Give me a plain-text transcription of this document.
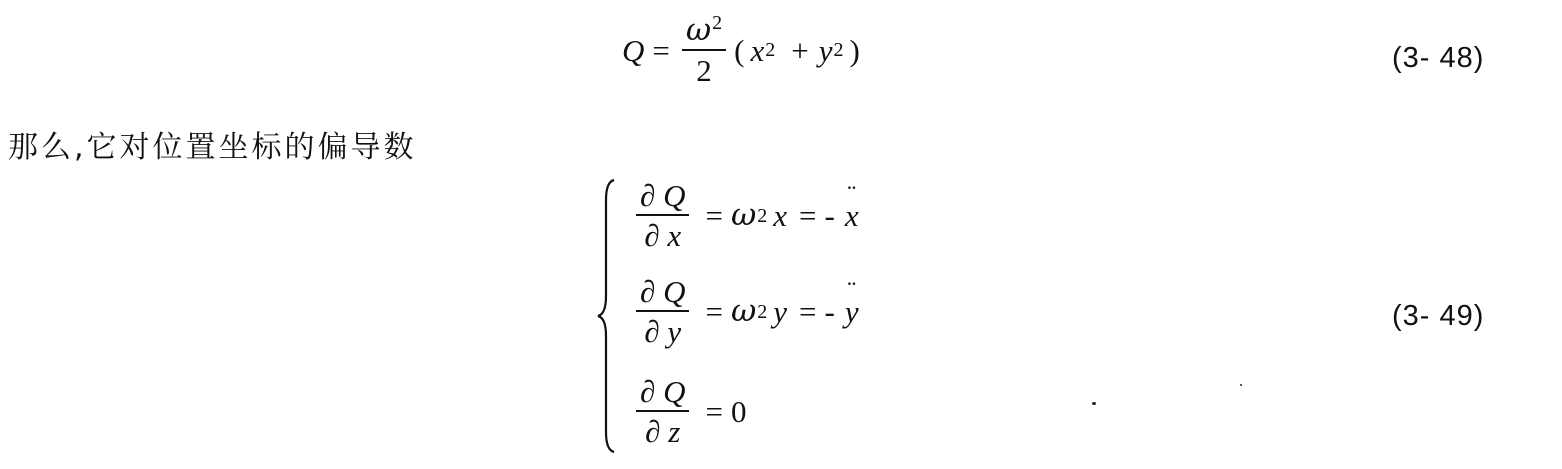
$Q = \frac{\omega^2}{2}$ ( x 2 + y 2 )	(3- 48)
那么,它对位置坐标的偏导数
$\frac{\partial Q}{\partial x} = \omega$ 2 x = - ¨ x
$\frac{\partial Q}{\partial y} = \omega$ 2 y = - ¨ y
$\frac{\partial Q}{\partial z} = 0$
(3- 49)
